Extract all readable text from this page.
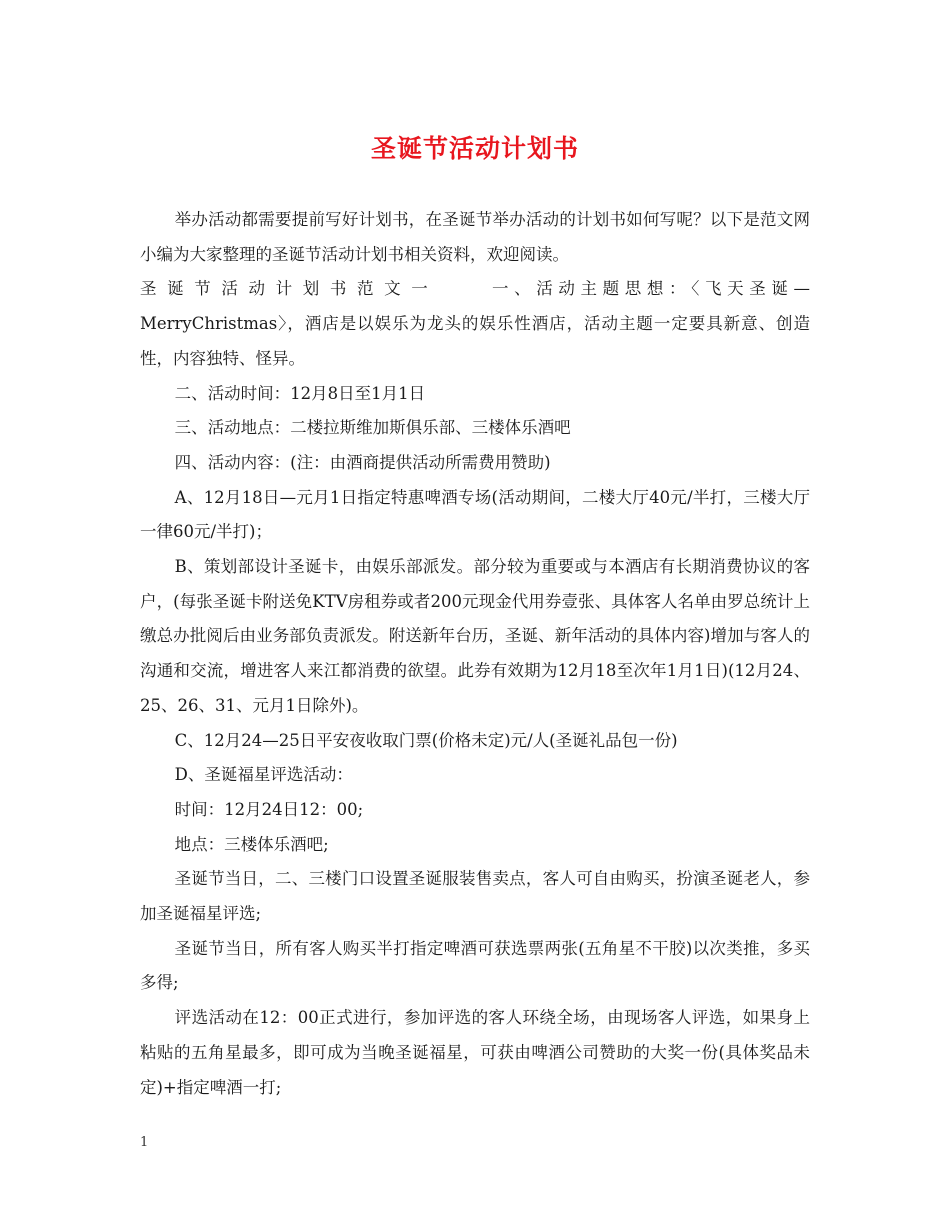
圣诞节活动计划书

举办活动都需要提前写好计划书，在圣诞节举办活动的计划书如何写呢？以下是范文网小编为大家整理的圣诞节活动计划书相关资料，欢迎阅读。

圣诞节活动计划书范文一	一、活动主题思想：〈飞天圣诞—MerryChristmas〉，酒店是以娱乐为龙头的娱乐性酒店，活动主题一定要具新意、创造性，内容独特、怪异。

二、活动时间：12月8日至1月1日

三、活动地点：二楼拉斯维加斯俱乐部、三楼体乐酒吧

四、活动内容：(注：由酒商提供活动所需费用赞助)

A、12月18日—元月1日指定特惠啤酒专场(活动期间，二楼大厅40元/半打，三楼大厅一律60元/半打)；

B、策划部设计圣诞卡，由娱乐部派发。部分较为重要或与本酒店有长期消费协议的客户，(每张圣诞卡附送免KTV房租券或者200元现金代用券壹张、具体客人名单由罗总统计上缴总办批阅后由业务部负责派发。附送新年台历，圣诞、新年活动的具体内容)增加与客人的沟通和交流，增进客人来江都消费的欲望。此券有效期为12月18至次年1月1日)(12月24、25、26、31、元月1日除外)。

C、12月24—25日平安夜收取门票(价格未定)元/人(圣诞礼品包一份)

D、圣诞福星评选活动：

时间：12月24日12：00;

地点：三楼体乐酒吧;

圣诞节当日，二、三楼门口设置圣诞服装售卖点，客人可自由购买，扮演圣诞老人，参加圣诞福星评选;

圣诞节当日，所有客人购买半打指定啤酒可获选票两张(五角星不干胶)以次类推，多买多得;

评选活动在12：00正式进行，参加评选的客人环绕全场，由现场客人评选，如果身上粘贴的五角星最多，即可成为当晚圣诞福星，可获由啤酒公司赞助的大奖一份(具体奖品未定)+指定啤酒一打;

1
